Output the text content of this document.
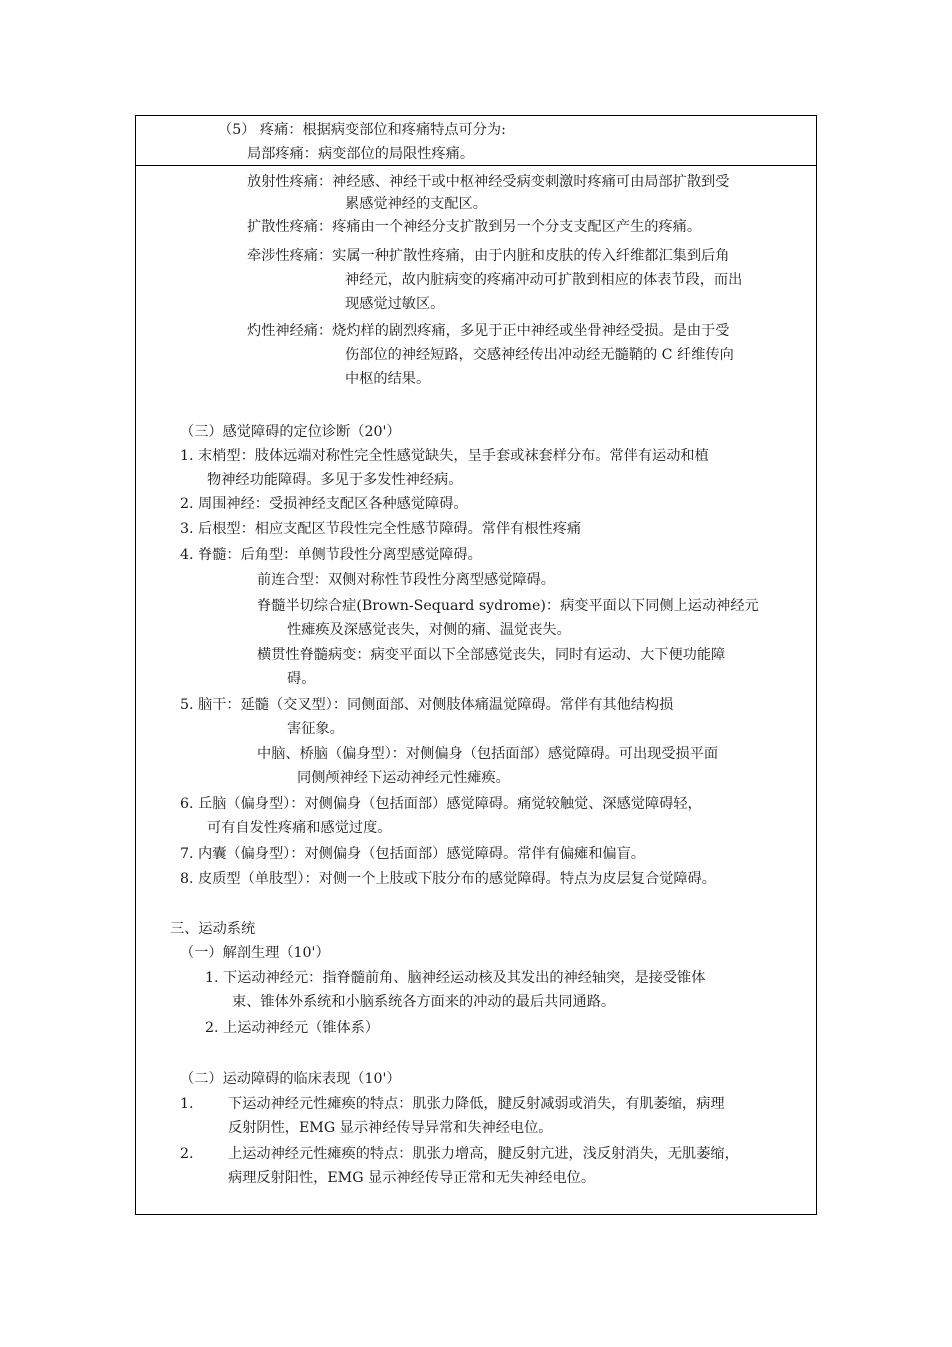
（5） 疼痛：根据病变部位和疼痛特点可分为:
局部疼痛：病变部位的局限性疼痛。
放射性疼痛：神经感、神经干或中枢神经受病变刺激时疼痛可由局部扩散到受
累感觉神经的支配区。
扩散性疼痛：疼痛由一个神经分支扩散到另一个分支支配区产生的疼痛。
牵涉性疼痛：实属一种扩散性疼痛，由于内脏和皮肤的传入纤维都汇集到后角
神经元，故内脏病变的疼痛冲动可扩散到相应的体表节段，而出
现感觉过敏区。
灼性神经痛：烧灼样的剧烈疼痛，多见于正中神经或坐骨神经受损。是由于受
伤部位的神经短路，交感神经传出冲动经无髓鞘的 C 纤维传向
中枢的结果。
（三）感觉障碍的定位诊断（20'）
1. 末梢型：肢体远端对称性完全性感觉缺失，呈手套或袜套样分布。常伴有运动和植
物神经功能障碍。多见于多发性神经病。
2. 周围神经：受损神经支配区各种感觉障碍。
3. 后根型：相应支配区节段性完全性感节障碍。常伴有根性疼痛
4. 脊髓：后角型：单侧节段性分离型感觉障碍。
前连合型：双侧对称性节段性分离型感觉障碍。
脊髓半切综合症(Brown-Sequard sydrome)：病变平面以下同侧上运动神经元
性瘫痪及深感觉丧失，对侧的痛、温觉丧失。
横贯性脊髓病变：病变平面以下全部感觉丧失，同时有运动、大下便功能障
碍。
5. 脑干：延髓（交叉型）：同侧面部、对侧肢体痛温觉障碍。常伴有其他结构损
害征象。
中脑、桥脑（偏身型）：对侧偏身（包括面部）感觉障碍。可出现受损平面
同侧颅神经下运动神经元性瘫痪。
6. 丘脑（偏身型）：对侧偏身（包括面部）感觉障碍。痛觉较触觉、深感觉障碍轻，
可有自发性疼痛和感觉过度。
7. 内囊（偏身型）：对侧偏身（包括面部）感觉障碍。常伴有偏瘫和偏盲。
8. 皮质型（单肢型）：对侧一个上肢或下肢分布的感觉障碍。特点为皮层复合觉障碍。
三、运动系统
（一）解剖生理（10'）
1. 下运动神经元：指脊髓前角、脑神经运动核及其发出的神经轴突，是接受锥体
束、锥体外系统和小脑系统各方面来的冲动的最后共同通路。
2. 上运动神经元（锥体系）
（二）运动障碍的临床表现（10'）
1. 下运动神经元性瘫痪的特点：肌张力降低，腱反射减弱或消失，有肌萎缩，病理
反射阴性，EMG 显示神经传导异常和失神经电位。
2. 上运动神经元性瘫痪的特点：肌张力增高，腱反射亢进，浅反射消失，无肌萎缩，
病理反射阳性，EMG 显示神经传导正常和无失神经电位。
